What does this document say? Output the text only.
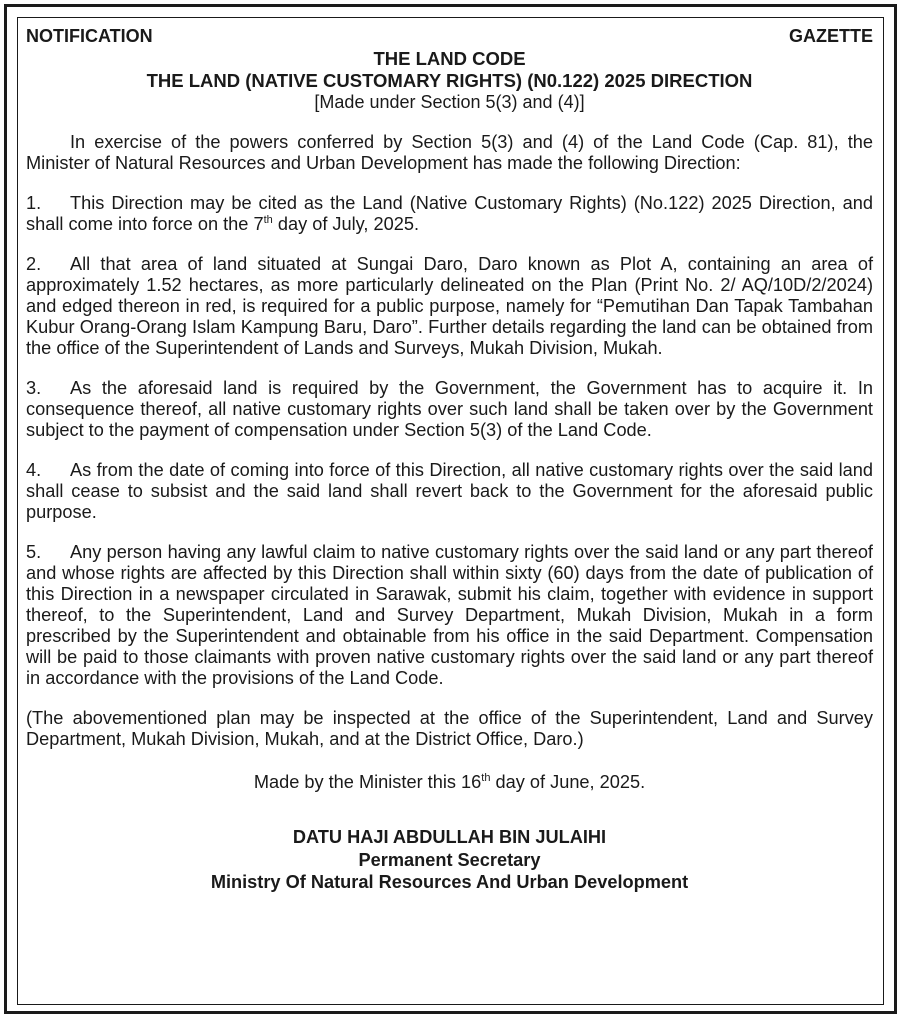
NOTIFICATION	GAZETTE
THE LAND CODE
THE LAND (NATIVE CUSTOMARY RIGHTS) (N0.122) 2025 DIRECTION
[Made under Section 5(3) and (4)]

In exercise of the powers conferred by Section 5(3) and (4) of the Land Code (Cap. 81), the Minister of Natural Resources and Urban Development has made the following Direction:

1. This Direction may be cited as the Land (Native Customary Rights) (No.122) 2025 Direction, and shall come into force on the 7th day of July, 2025.

2. All that area of land situated at Sungai Daro, Daro known as Plot A, containing an area of approximately 1.52 hectares, as more particularly delineated on the Plan (Print No. 2/ AQ/10D/2/2024) and edged thereon in red, is required for a public purpose, namely for “Pemutihan Dan Tapak Tambahan Kubur Orang-Orang Islam Kampung Baru, Daro”. Further details regarding the land can be obtained from the office of the Superintendent of Lands and Surveys, Mukah Division, Mukah.

3. As the aforesaid land is required by the Government, the Government has to acquire it. In consequence thereof, all native customary rights over such land shall be taken over by the Government subject to the payment of compensation under Section 5(3) of the Land Code.

4. As from the date of coming into force of this Direction, all native customary rights over the said land shall cease to subsist and the said land shall revert back to the Government for the aforesaid public purpose.

5. Any person having any lawful claim to native customary rights over the said land or any part thereof and whose rights are affected by this Direction shall within sixty (60) days from the date of publication of this Direction in a newspaper circulated in Sarawak, submit his claim, together with evidence in support thereof, to the Superintendent, Land and Survey Department, Mukah Division, Mukah in a form prescribed by the Superintendent and obtainable from his office in the said Department. Compensation will be paid to those claimants with proven native customary rights over the said land or any part thereof in accordance with the provisions of the Land Code.

(The abovementioned plan may be inspected at the office of the Superintendent, Land and Survey Department, Mukah Division, Mukah, and at the District Office, Daro.)

Made by the Minister this 16th day of June, 2025.
DATU HAJI ABDULLAH BIN JULAIHI
Permanent Secretary
Ministry Of Natural Resources And Urban Development
